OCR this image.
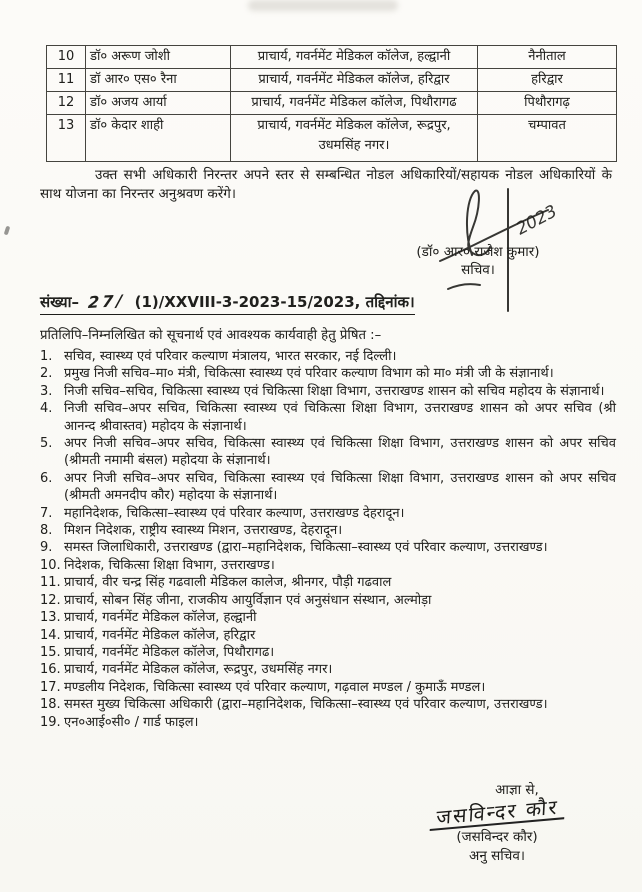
10	डॉ० अरूण जोशी	प्राचार्य, गवर्नमेंट मेडिकल कॉलेज, हल्द्वानी	नैनीताल
11	डॉ आर० एस० रैना	प्राचार्य, गवर्नमेंट मेडिकल कॉलेज, हरिद्वार	हरिद्वार
12	डॉ० अजय आर्या	प्राचार्य, गवर्नमेंट मेडिकल कॉलेज, पिथौरागढ	पिथौरागढ़
13	डॉ० केदार शाही	प्राचार्य, गवर्नमेंट मेडिकल कॉलेज, रूद्रपुर, उधमसिंह नगर।	चम्पावत

उक्त सभी अधिकारी निरन्तर अपने स्तर से सम्बन्धित नोडल अधिकारियों/सहायक नोडल अधिकारियों के साथ योजना का निरन्तर अनुश्रवण करेंगे।

2023
(डॉ० आर० राजेश कुमार)
सचिव।
संख्या– 27/ (1)/XXVIII-3-2023-15/2023, तद्दिनांक।
प्रतिलिपि–निम्नलिखित को सूचनार्थ एवं आवश्यक कार्यवाही हेतु प्रेषित :–
1. सचिव, स्वास्थ्य एवं परिवार कल्याण मंत्रालय, भारत सरकार, नई दिल्ली।
2. प्रमुख निजी सचिव–मा० मंत्री, चिकित्सा स्वास्थ्य एवं परिवार कल्याण विभाग को मा० मंत्री जी के संज्ञानार्थ।
3. निजी सचिव–सचिव, चिकित्सा स्वास्थ्य एवं चिकित्सा शिक्षा विभाग, उत्तराखण्ड शासन को सचिव महोदय के संज्ञानार्थ।
4. निजी सचिव–अपर सचिव, चिकित्सा स्वास्थ्य एवं चिकित्सा शिक्षा विभाग, उत्तराखण्ड शासन को अपर सचिव (श्री आनन्द श्रीवास्तव) महोदय के संज्ञानार्थ।
5. अपर निजी सचिव–अपर सचिव, चिकित्सा स्वास्थ्य एवं चिकित्सा शिक्षा विभाग, उत्तराखण्ड शासन को अपर सचिव (श्रीमती नमामी बंसल) महोदया के संज्ञानार्थ।
6. अपर निजी सचिव–अपर सचिव, चिकित्सा स्वास्थ्य एवं चिकित्सा शिक्षा विभाग, उत्तराखण्ड शासन को अपर सचिव (श्रीमती अमनदीप कौर) महोदया के संज्ञानार्थ।
7. महानिदेशक, चिकित्सा–स्वास्थ्य एवं परिवार कल्याण, उत्तराखण्ड देहरादून।
8. मिशन निदेशक, राष्ट्रीय स्वास्थ्य मिशन, उत्तराखण्ड, देहरादून।
9. समस्त जिलाधिकारी, उत्तराखण्ड (द्वारा–महानिदेशक, चिकित्सा–स्वास्थ्य एवं परिवार कल्याण, उत्तराखण्ड।
10. निदेशक, चिकित्सा शिक्षा विभाग, उत्तराखण्ड।
11. प्राचार्य, वीर चन्द्र सिंह गढवाली मेडिकल कालेज, श्रीनगर, पौड़ी गढवाल
12. प्राचार्य, सोबन सिंह जीना, राजकीय आयुर्विज्ञान एवं अनुसंधान संस्थान, अल्मोड़ा
13. प्राचार्य, गवर्नमेंट मेडिकल कॉलेज, हल्द्वानी
14. प्राचार्य, गवर्नमेंट मेडिकल कॉलेज, हरिद्वार
15. प्राचार्य, गवर्नमेंट मेडिकल कॉलेज, पिथौरागढ।
16. प्राचार्य, गवर्नमेंट मेडिकल कॉलेज, रूद्रपुर, उधमसिंह नगर।
17. मण्डलीय निदेशक, चिकित्सा स्वास्थ्य एवं परिवार कल्याण, गढ़वाल मण्डल / कुमाऊँ मण्डल।
18. समस्त मुख्य चिकित्सा अधिकारी (द्वारा–महानिदेशक, चिकित्सा–स्वास्थ्य एवं परिवार कल्याण, उत्तराखण्ड।
19. एन०आई०सी० / गार्ड फाइल।
आज्ञा से,
जसविन्दर कौर
(जसविन्दर कौर)
अनु सचिव।
